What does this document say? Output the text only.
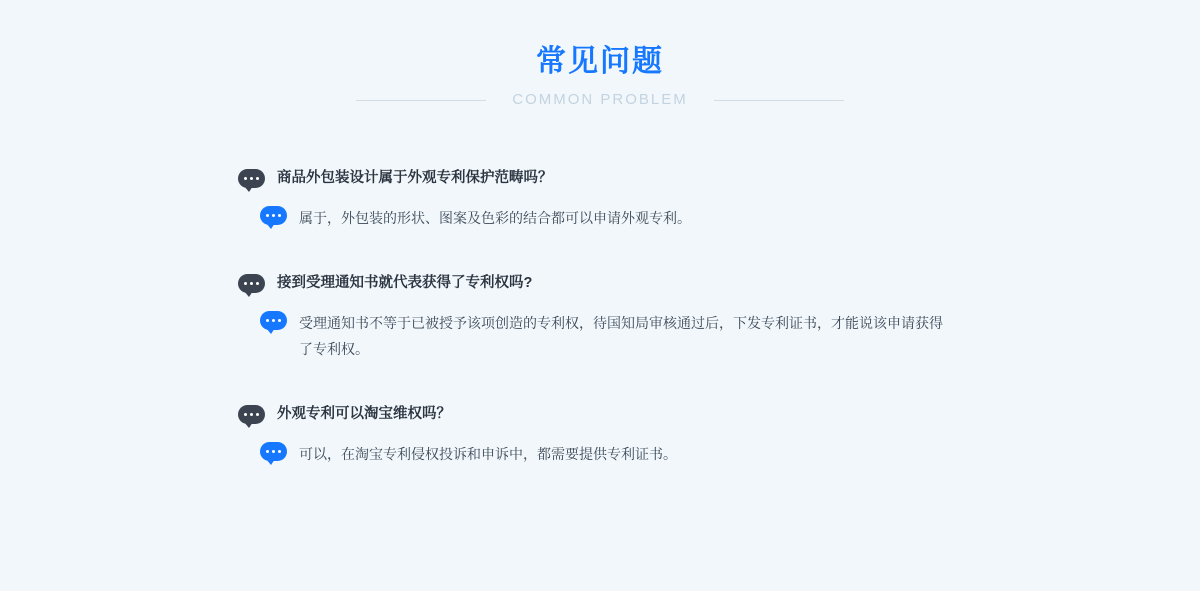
常见问题
COMMON PROBLEM
商品外包装设计属于外观专利保护范畴吗？
属于，外包装的形状、图案及色彩的结合都可以申请外观专利。
接到受理通知书就代表获得了专利权吗?
受理通知书不等于已被授予该项创造的专利权，待国知局审核通过后，下发专利证书，才能说该申请获得了专利权。
外观专利可以淘宝维权吗？
可以，在淘宝专利侵权投诉和申诉中，都需要提供专利证书。
